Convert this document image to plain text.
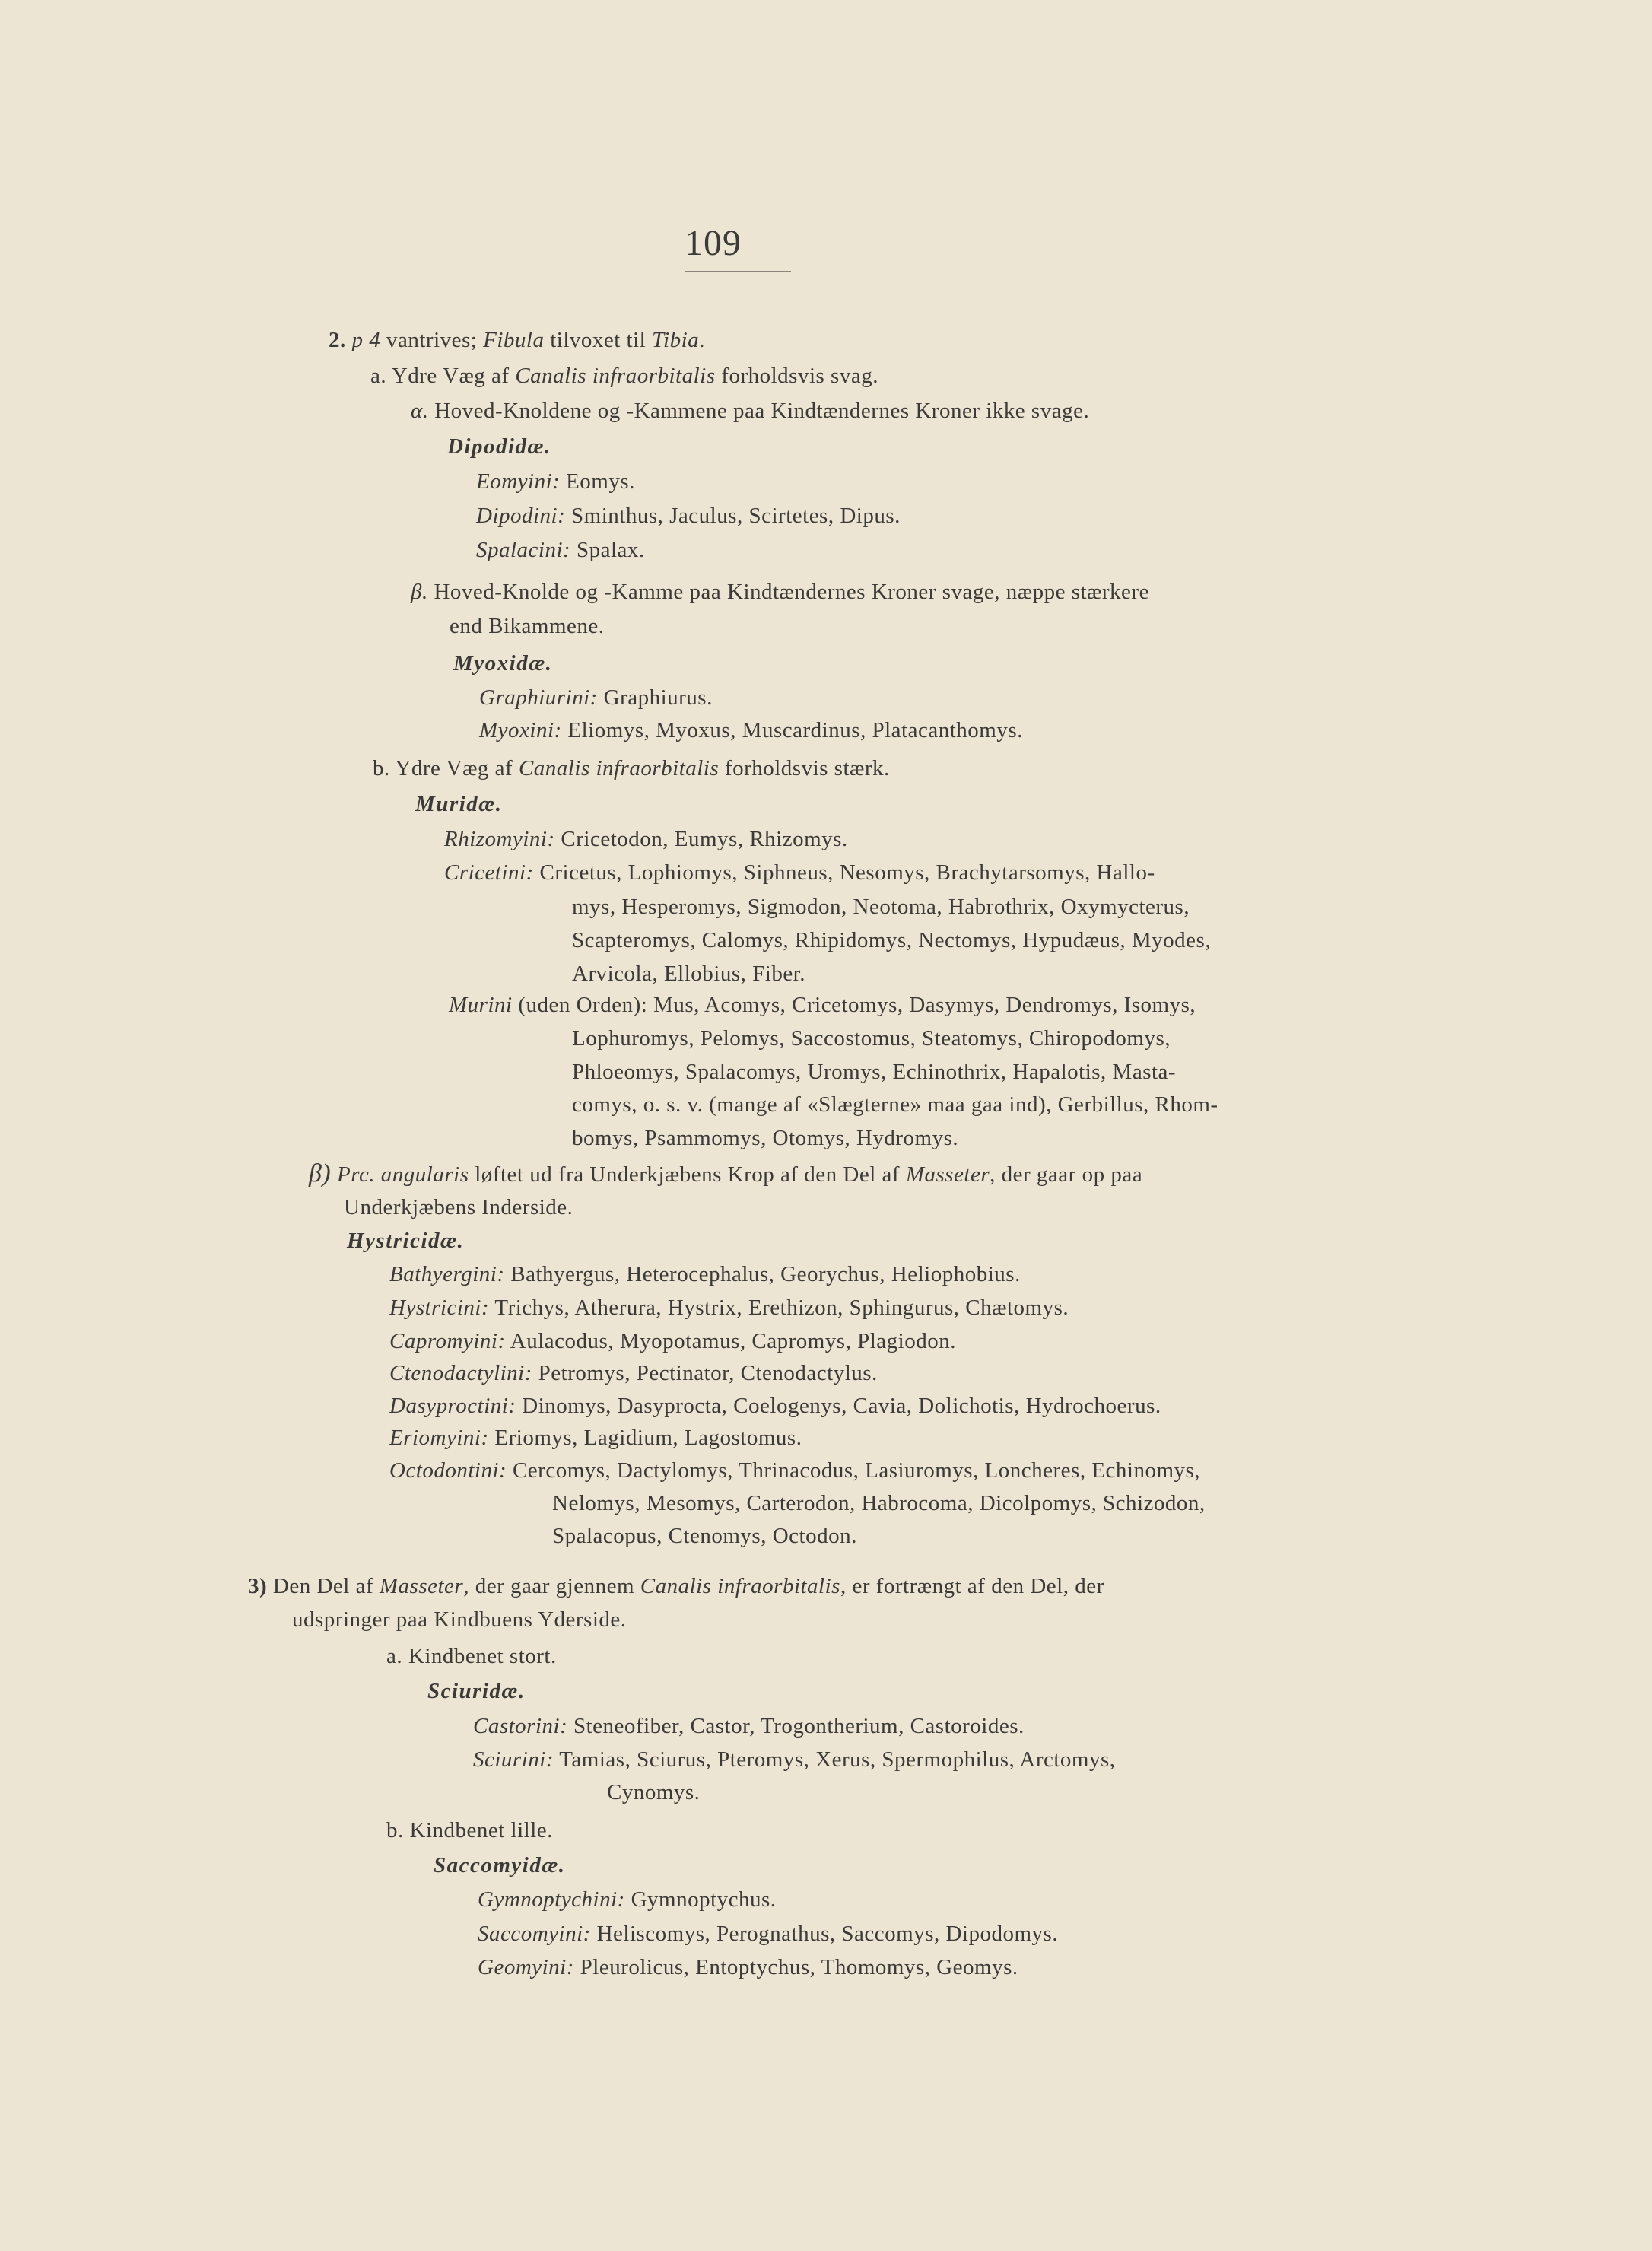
109

2. p 4 vantrives; Fibula tilvoxet til Tibia.

a. Ydre Væg af Canalis infraorbitalis forholdsvis svag.

α. Hoved-Knoldene og -Kammene paa Kindtændernes Kroner ikke svage.

Dipodidæ.

Eomyini: Eomys.

Dipodini: Sminthus, Jaculus, Scirtetes, Dipus.

Spalacini: Spalax.

β. Hoved-Knolde og -Kamme paa Kindtændernes Kroner svage, næppe stærkere

end Bikammene.

Myoxidæ.

Graphiurini: Graphiurus.

Myoxini: Eliomys, Myoxus, Muscardinus, Platacanthomys.

b. Ydre Væg af Canalis infraorbitalis forholdsvis stærk.

Muridæ.

Rhizomyini: Cricetodon, Eumys, Rhizomys.

Cricetini: Cricetus, Lophiomys, Siphneus, Nesomys, Brachytarsomys, Hallo-

mys, Hesperomys, Sigmodon, Neotoma, Habrothrix, Oxymycterus,

Scapteromys, Calomys, Rhipidomys, Nectomys, Hypudæus, Myodes,

Arvicola, Ellobius, Fiber.

Murini (uden Orden): Mus, Acomys, Cricetomys, Dasymys, Dendromys, Isomys,

Lophuromys, Pelomys, Saccostomus, Steatomys, Chiropodomys,

Phloeomys, Spalacomys, Uromys, Echinothrix, Hapalotis, Masta-

comys, o. s. v. (mange af «Slægterne» maa gaa ind), Gerbillus, Rhom-

bomys, Psammomys, Otomys, Hydromys.

β) Prc. angularis løftet ud fra Underkjæbens Krop af den Del af Masseter, der gaar op paa

Underkjæbens Inderside.

Hystricidæ.

Bathyergini: Bathyergus, Heterocephalus, Georychus, Heliophobius.

Hystricini: Trichys, Atherura, Hystrix, Erethizon, Sphingurus, Chætomys.

Capromyini: Aulacodus, Myopotamus, Capromys, Plagiodon.

Ctenodactylini: Petromys, Pectinator, Ctenodactylus.

Dasyproctini: Dinomys, Dasyprocta, Coelogenys, Cavia, Dolichotis, Hydrochoerus.

Eriomyini: Eriomys, Lagidium, Lagostomus.

Octodontini: Cercomys, Dactylomys, Thrinacodus, Lasiuromys, Loncheres, Echinomys,

Nelomys, Mesomys, Carterodon, Habrocoma, Dicolpomys, Schizodon,

Spalacopus, Ctenomys, Octodon.

3) Den Del af Masseter, der gaar gjennem Canalis infraorbitalis, er fortrængt af den Del, der

udspringer paa Kindbuens Yderside.

a. Kindbenet stort.

Sciuridæ.

Castorini: Steneofiber, Castor, Trogontherium, Castoroides.

Sciurini: Tamias, Sciurus, Pteromys, Xerus, Spermophilus, Arctomys,

Cynomys.

b. Kindbenet lille.

Saccomyidæ.

Gymnoptychini: Gymnoptychus.

Saccomyini: Heliscomys, Perognathus, Saccomys, Dipodomys.

Geomyini: Pleurolicus, Entoptychus, Thomomys, Geomys.
